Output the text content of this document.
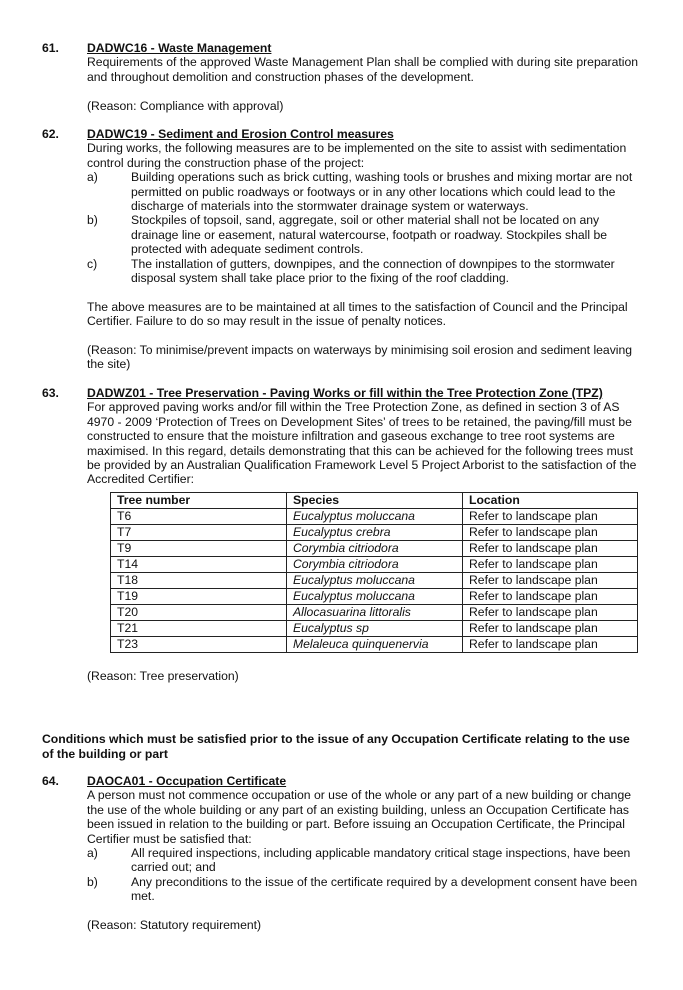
61. DADWC16 - Waste Management
Requirements of the approved Waste Management Plan shall be complied with during site preparation and throughout demolition and construction phases of the development.
(Reason: Compliance with approval)
62. DADWC19 - Sediment and Erosion Control measures
During works, the following measures are to be implemented on the site to assist with sedimentation control during the construction phase of the project:
a)	Building operations such as brick cutting, washing tools or brushes and mixing mortar are not permitted on public roadways or footways or in any other locations which could lead to the discharge of materials into the stormwater drainage system or waterways.
b)	Stockpiles of topsoil, sand, aggregate, soil or other material shall not be located on any drainage line or easement, natural watercourse, footpath or roadway. Stockpiles shall be protected with adequate sediment controls.
c)	The installation of gutters, downpipes, and the connection of downpipes to the stormwater disposal system shall take place prior to the fixing of the roof cladding.
The above measures are to be maintained at all times to the satisfaction of Council and the Principal Certifier. Failure to do so may result in the issue of penalty notices.
(Reason: To minimise/prevent impacts on waterways by minimising soil erosion and sediment leaving the site)
63. DADWZ01 - Tree Preservation - Paving Works or fill within the Tree Protection Zone (TPZ)
For approved paving works and/or fill within the Tree Protection Zone, as defined in section 3 of AS 4970 - 2009 ‘Protection of Trees on Development Sites’ of trees to be retained, the paving/fill must be constructed to ensure that the moisture infiltration and gaseous exchange to tree root systems are maximised. In this regard, details demonstrating that this can be achieved for the following trees must be provided by an Australian Qualification Framework Level 5 Project Arborist to the satisfaction of the Accredited Certifier:
Tree number	Species	Location
T6	Eucalyptus moluccana	Refer to landscape plan
T7	Eucalyptus crebra	Refer to landscape plan
T9	Corymbia citriodora	Refer to landscape plan
T14	Corymbia citriodora	Refer to landscape plan
T18	Eucalyptus moluccana	Refer to landscape plan
T19	Eucalyptus moluccana	Refer to landscape plan
T20	Allocasuarina littoralis	Refer to landscape plan
T21	Eucalyptus sp	Refer to landscape plan
T23	Melaleuca quinquenervia	Refer to landscape plan
(Reason: Tree preservation)
Conditions which must be satisfied prior to the issue of any Occupation Certificate relating to the use of the building or part
64. DAOCA01 - Occupation Certificate
A person must not commence occupation or use of the whole or any part of a new building or change the use of the whole building or any part of an existing building, unless an Occupation Certificate has been issued in relation to the building or part. Before issuing an Occupation Certificate, the Principal Certifier must be satisfied that:
a)	All required inspections, including applicable mandatory critical stage inspections, have been carried out; and
b)	Any preconditions to the issue of the certificate required by a development consent have been met.
(Reason: Statutory requirement)
